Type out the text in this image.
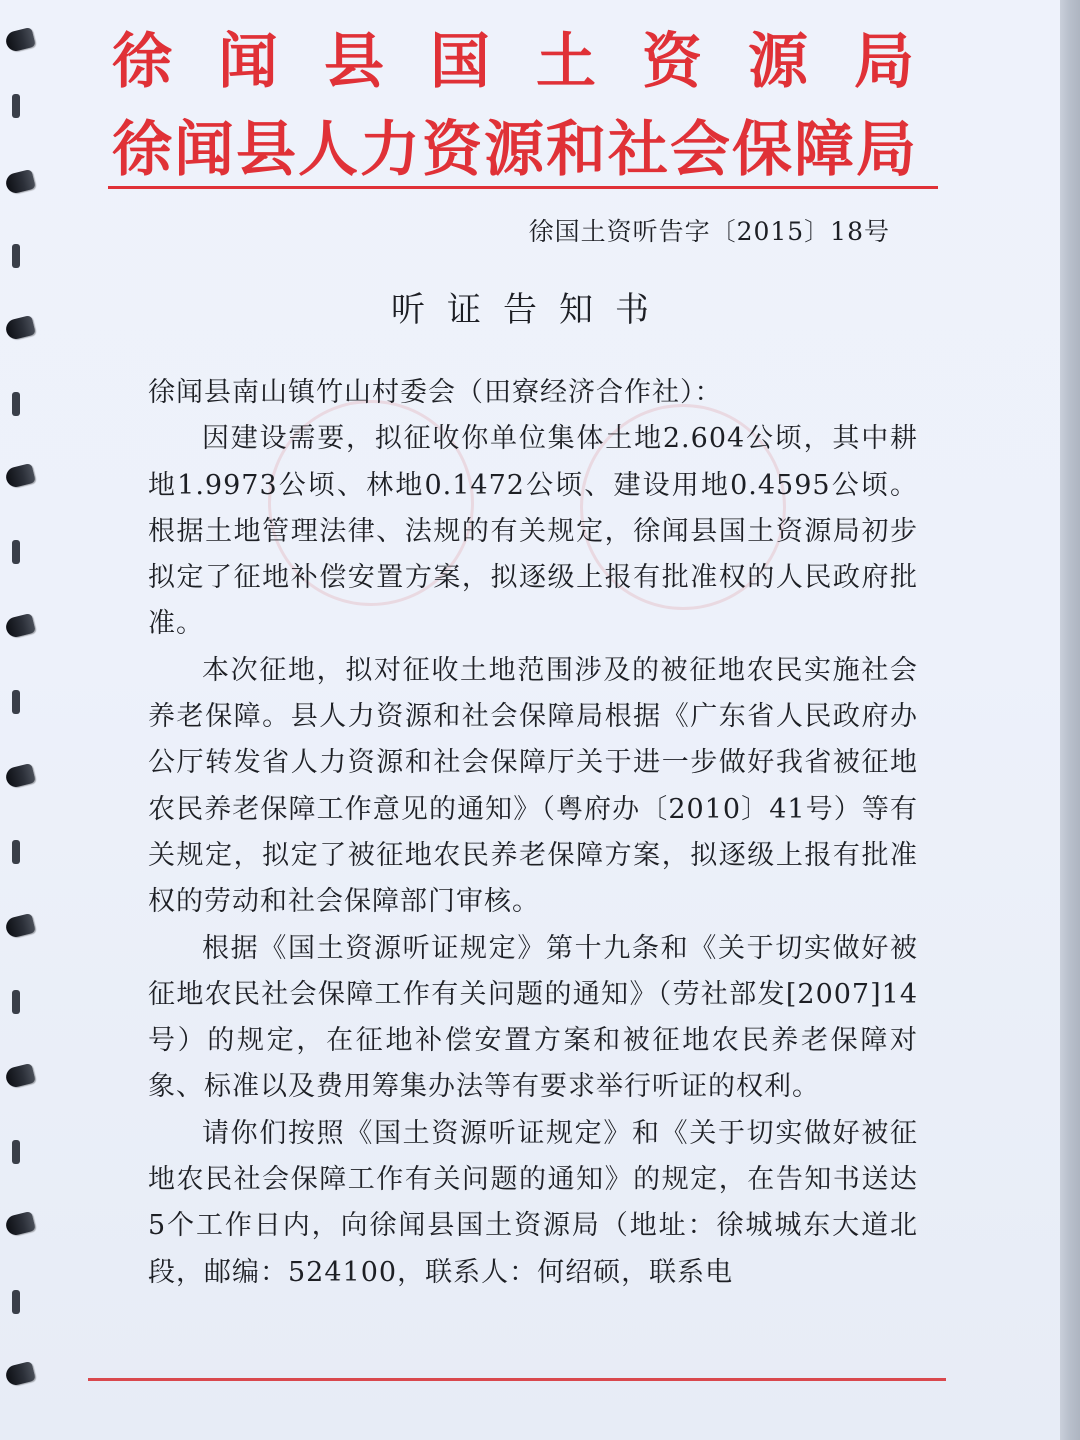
徐闻县国土资源局
徐闻县人力资源和社会保障局
徐国土资听告字〔2015〕18号
听证告知书

徐闻县南山镇竹山村委会（田寮经济合作社）：

因建设需要，拟征收你单位集体土地2.604公顷，其中耕地1.9973公顷、林地0.1472公顷、建设用地0.4595公顷。根据土地管理法律、法规的有关规定，徐闻县国土资源局初步拟定了征地补偿安置方案，拟逐级上报有批准权的人民政府批准。

本次征地，拟对征收土地范围涉及的被征地农民实施社会养老保障。县人力资源和社会保障局根据《广东省人民政府办公厅转发省人力资源和社会保障厅关于进一步做好我省被征地农民养老保障工作意见的通知》（粤府办〔2010〕41号）等有关规定，拟定了被征地农民养老保障方案，拟逐级上报有批准权的劳动和社会保障部门审核。

根据《国土资源听证规定》第十九条和《关于切实做好被征地农民社会保障工作有关问题的通知》（劳社部发[2007]14号）的规定，在征地补偿安置方案和被征地农民养老保障对象、标准以及费用筹集办法等有要求举行听证的权利。

请你们按照《国土资源听证规定》和《关于切实做好被征地农民社会保障工作有关问题的通知》的规定，在告知书送达5个工作日内，向徐闻县国土资源局（地址：徐城城东大道北段，邮编：524100，联系人：何绍硕，联系电
